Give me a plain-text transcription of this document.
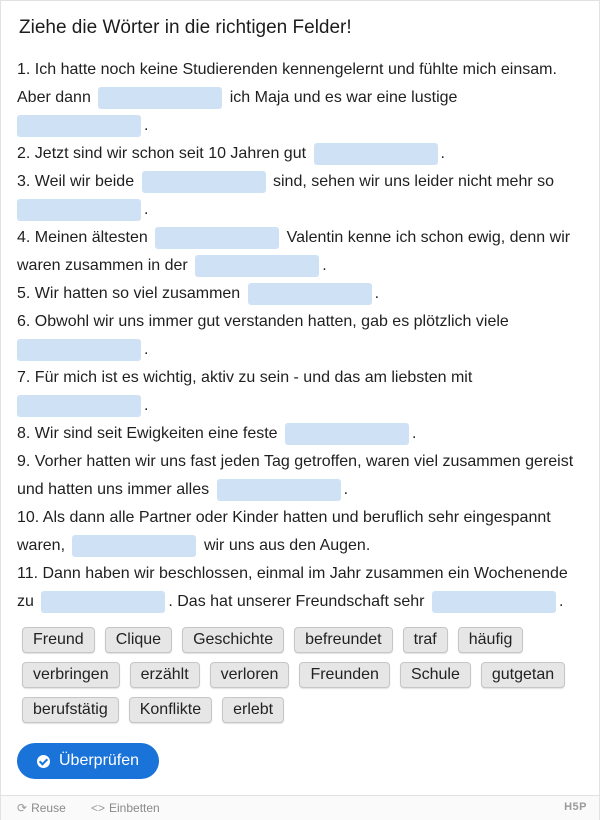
Ziehe die Wörter in die richtigen Felder!
1. Ich hatte noch keine Studierenden kennengelernt und fühlte mich einsam. Aber dann	ich Maja und es war eine lustige .
2. Jetzt sind wir schon seit 10 Jahren gut	.
3. Weil wir beide	sind, sehen wir uns leider nicht mehr so .
4. Meinen ältesten	Valentin kenne ich schon ewig, denn wir waren zusammen in der	.
5. Wir hatten so viel zusammen	.
6. Obwohl wir uns immer gut verstanden hatten, gab es plötzlich viele .
7. Für mich ist es wichtig, aktiv zu sein - und das am liebsten mit .
8. Wir sind seit Ewigkeiten eine feste	.
9. Vorher hatten wir uns fast jeden Tag getroffen, waren viel zusammen gereist und hatten uns immer alles	.
10. Als dann alle Partner oder Kinder hatten und beruflich sehr eingespannt waren,	wir uns aus den Augen.
11. Dann haben wir beschlossen, einmal im Jahr zusammen ein Wochenende zu	. Das hat unserer Freundschaft sehr	.
Freund	Clique	Geschichte	befreundet	traf	häufig
verbringen	erzählt	verloren	Freunden	Schule	gutgetan
berufstätig	Konflikte	erlebt
Überprüfen
⟳ Reuse <> Einbetten	H5P
